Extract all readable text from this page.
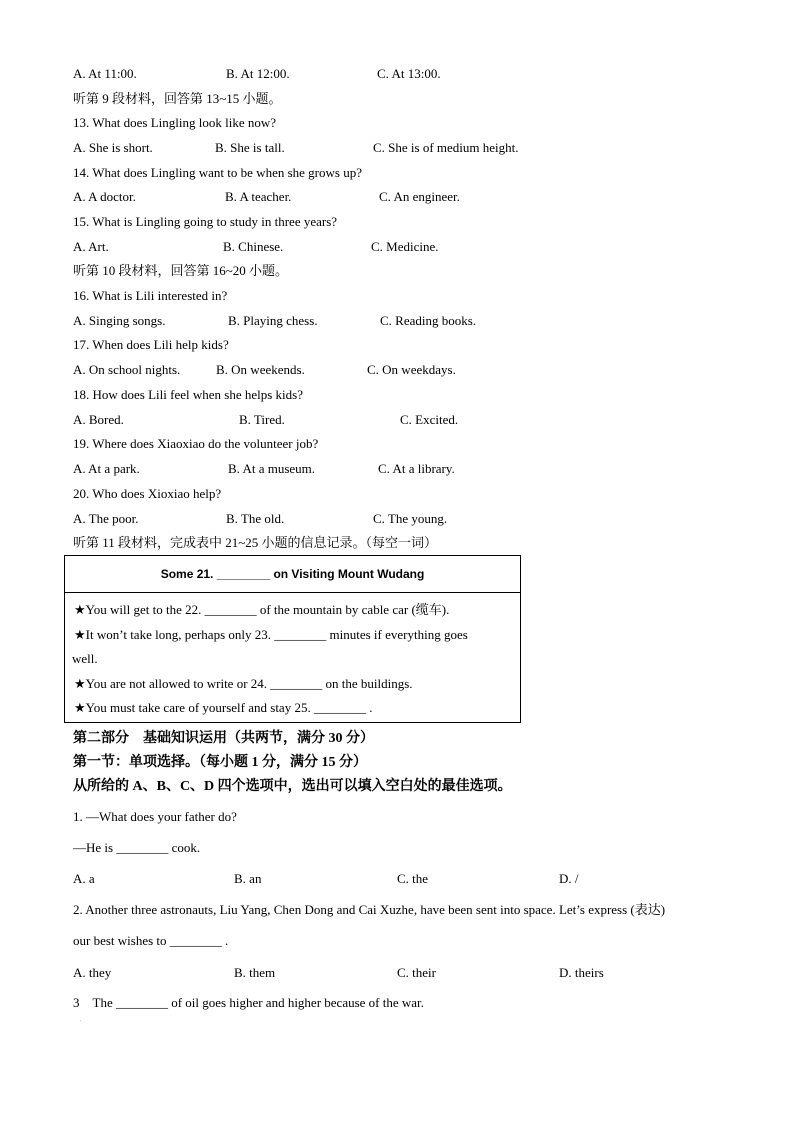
A. At 11:00.	B. At 12:00.	C. At 13:00.
听第 9 段材料，回答第 13~15 小题。
13. What does Lingling look like now?
A. She is short.	B. She is tall.	C. She is of medium height.
14. What does Lingling want to be when she grows up?
A. A doctor.	B. A teacher.	C. An engineer.
15. What is Lingling going to study in three years?
A. Art.	B. Chinese.	C. Medicine.
听第 10 段材料，回答第 16~20 小题。
16. What is Lili interested in?
A. Singing songs.	B. Playing chess.	C. Reading books.
17. When does Lili help kids?
A. On school nights.	B. On weekends.	C. On weekdays.
18. How does Lili feel when she helps kids?
A. Bored.	B. Tired.	C. Excited.
19. Where does Xiaoxiao do the volunteer job?
A. At a park.	B. At a museum.	C. At a library.
20. Who does Xioxiao help?
A. The poor.	B. The old.	C. The young.
听第 11 段材料，完成表中 21~25 小题的信息记录。（每空一词）
Some 21. ________ on Visiting Mount Wudang
★You will get to the 22. ________ of the mountain by cable car (缆车).
★It won’t take long, perhaps only 23. ________ minutes if everything goes
well.
★You are not allowed to write or 24. ________ on the buildings.
★You must take care of yourself and stay 25. ________ .
第二部分　基础知识运用（共两节，满分 30 分）
第一节：单项选择。（每小题 1 分，满分 15 分）
从所给的 A、B、C、D 四个选项中，选出可以填入空白处的最佳选项。
1. —What does your father do?
—He is ________ cook.
A. a	B. an	C. the	D. /
2. Another three astronauts, Liu Yang, Chen Dong and Cai Xuzhe, have been sent into space. Let’s express (表达)
our best wishes to ________ .
A. they	B. them	C. their	D. theirs
3　The ________ of oil goes higher and higher because of the war.
.
